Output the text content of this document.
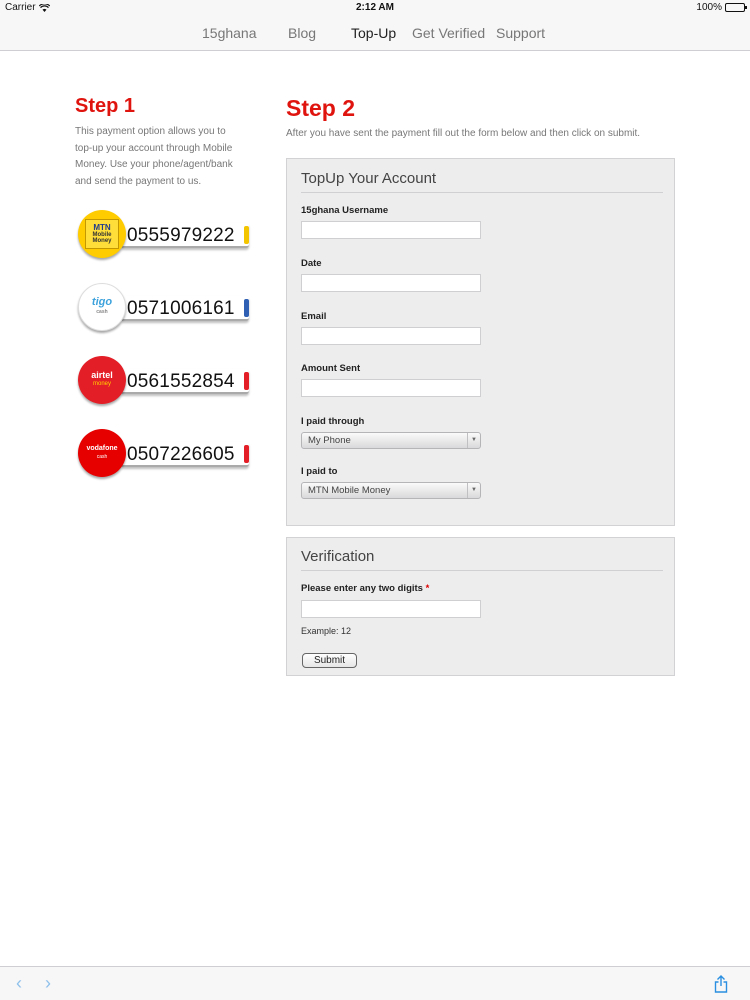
Carrier	2:12 AM	100%
15ghana Blog Top-Up Get Verified Support
Step 1
This payment option allows you to
top-up your account through Mobile
Money. Use your phone/agent/bank
and send the payment to us.
0555979222
MTN
Mobile
Money
0571006161
tigo
cash
0561552854
airtel
money
0507226605
vodafone
cash
Step 2
After you have sent the payment fill out the form below and then click on submit.
TopUp Your Account
15ghana Username
Date
Email
Amount Sent
I paid through
My Phone	▼
I paid to
MTN Mobile Money	▼
Verification
Please enter any two digits *
Example: 12
Submit
‹ ›
